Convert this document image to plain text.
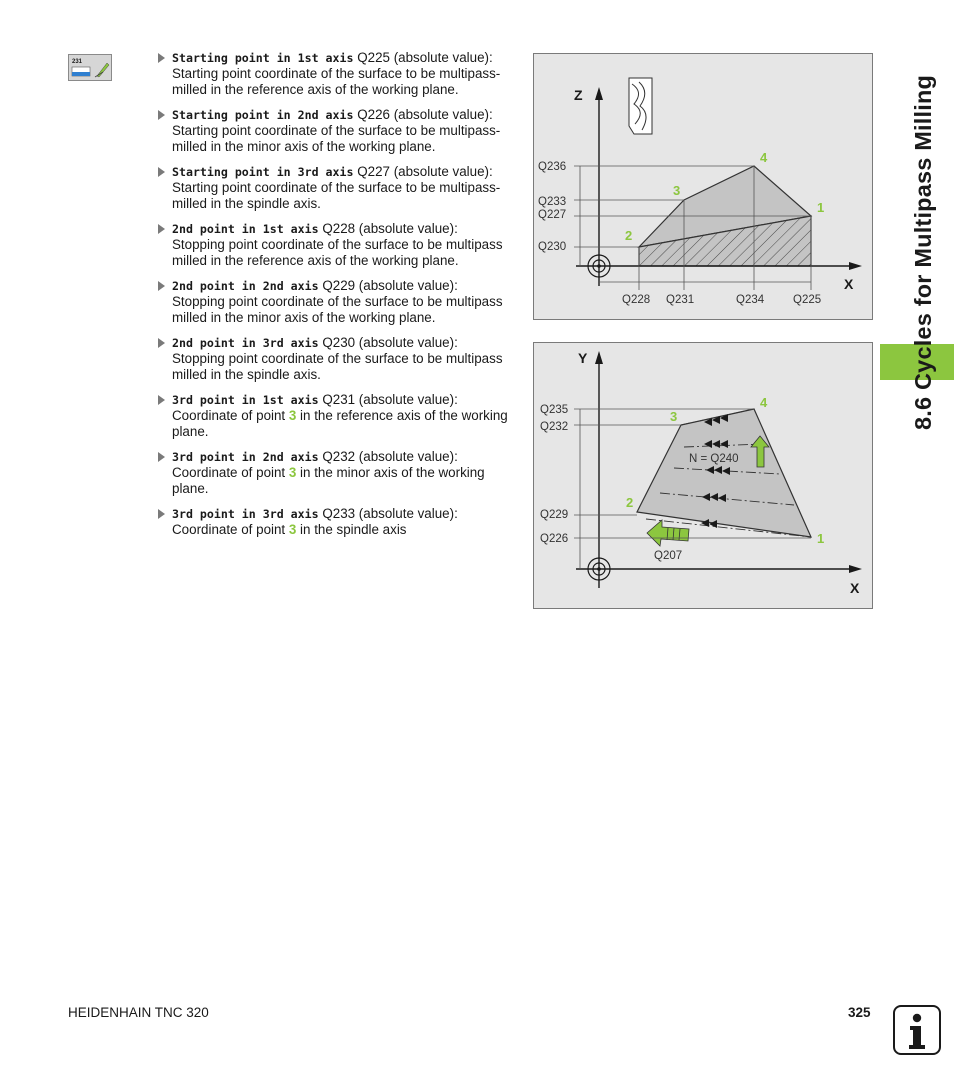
231	Starting point in 1st axis Q225 (absolute value):
Starting point coordinate of the surface to be multipass-milled in the reference axis of the working plane.
Starting point in 2nd axis Q226 (absolute value):
Starting point coordinate of the surface to be multipass-milled in the minor axis of the working plane.
Starting point in 3rd axis Q227 (absolute value):
Starting point coordinate of the surface to be multipass-milled in the spindle axis.
2nd point in 1st axis Q228 (absolute value):
Stopping point coordinate of the surface to be multipass milled in the reference axis of the working plane.
2nd point in 2nd axis Q229 (absolute value):
Stopping point coordinate of the surface to be multipass milled in the minor axis of the working plane.
2nd point in 3rd axis Q230 (absolute value):
Stopping point coordinate of the surface to be multipass milled in the spindle axis.
3rd point in 1st axis Q231 (absolute value):
Coordinate of point 3 in the reference axis of the working plane.
3rd point in 2nd axis Q232 (absolute value):
Coordinate of point 3 in the minor axis of the working plane.
3rd point in 3rd axis Q233 (absolute value):
Coordinate of point 3 in the spindle axis
Z
X
Q236
Q233
Q227
Q230
Q228 Q231	Q234	Q225
1
2
3
4
Y
X
Q235
Q232
Q229
Q226
N = Q240
Q207
1
2
3
4	8.6 Cycles for Multipass Milling
HEIDENHAIN TNC 320	325
